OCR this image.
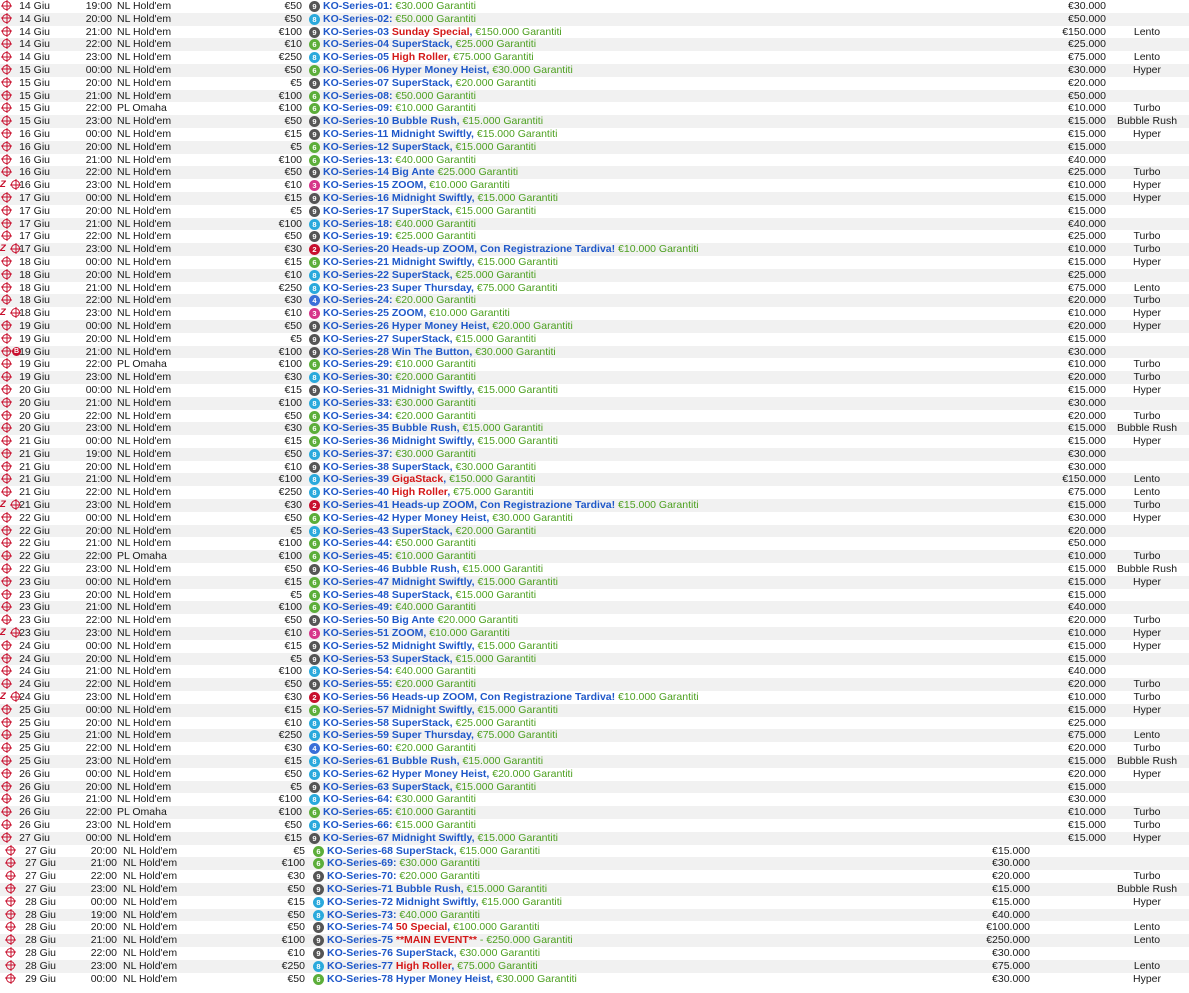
14 Giu	19:00 NL Hold'em	€50	9 KO-Series-01: €30.000 Garantiti	€30.000
14 Giu	20:00 NL Hold'em	€50	8 KO-Series-02: €50.000 Garantiti	€50.000
14 Giu	21:00 NL Hold'em	€100	9 KO-Series-03 Sunday Special, €150.000 Garantiti	€150.000	Lento
14 Giu	22:00 NL Hold'em	€10	6 KO-Series-04 SuperStack, €25.000 Garantiti	€25.000
14 Giu	23:00 NL Hold'em	€250	8 KO-Series-05 High Roller, €75.000 Garantiti	€75.000	Lento
15 Giu	00:00 NL Hold'em	€50	6 KO-Series-06 Hyper Money Heist, €30.000 Garantiti	€30.000	Hyper
15 Giu	20:00 NL Hold'em	€5	9 KO-Series-07 SuperStack, €20.000 Garantiti	€20.000
15 Giu	21:00 NL Hold'em	€100	6 KO-Series-08: €50.000 Garantiti	€50.000
15 Giu	22:00 PL Omaha	€100	6 KO-Series-09: €10.000 Garantiti	€10.000	Turbo
15 Giu	23:00 NL Hold'em	€50	9 KO-Series-10 Bubble Rush, €15.000 Garantiti	€15.000	Bubble Rush
16 Giu	00:00 NL Hold'em	€15	9 KO-Series-11 Midnight Swiftly, €15.000 Garantiti	€15.000	Hyper
16 Giu	20:00 NL Hold'em	€5	6 KO-Series-12 SuperStack, €15.000 Garantiti	€15.000
16 Giu	21:00 NL Hold'em	€100	6 KO-Series-13: €40.000 Garantiti	€40.000
16 Giu	22:00 NL Hold'em	€50	9 KO-Series-14 Big Ante €25.000 Garantiti	€25.000	Turbo
Z	16 Giu	23:00 NL Hold'em	€10	3 KO-Series-15 ZOOM, €10.000 Garantiti	€10.000	Hyper
17 Giu	00:00 NL Hold'em	€15	9 KO-Series-16 Midnight Swiftly, €15.000 Garantiti	€15.000	Hyper
17 Giu	20:00 NL Hold'em	€5	9 KO-Series-17 SuperStack, €15.000 Garantiti	€15.000
17 Giu	21:00 NL Hold'em	€100	8 KO-Series-18: €40.000 Garantiti	€40.000
17 Giu	22:00 NL Hold'em	€50	9 KO-Series-19: €25.000 Garantiti	€25.000	Turbo
Z	17 Giu	23:00 NL Hold'em	€30	2 KO-Series-20 Heads-up ZOOM, Con Registrazione Tardiva! €10.000 Garantiti	€10.000	Turbo
18 Giu	00:00 NL Hold'em	€15	6 KO-Series-21 Midnight Swiftly, €15.000 Garantiti	€15.000	Hyper
18 Giu	20:00 NL Hold'em	€10	8 KO-Series-22 SuperStack, €25.000 Garantiti	€25.000
18 Giu	21:00 NL Hold'em	€250	8 KO-Series-23 Super Thursday, €75.000 Garantiti	€75.000	Lento
18 Giu	22:00 NL Hold'em	€30	4 KO-Series-24: €20.000 Garantiti	€20.000	Turbo
Z	18 Giu	23:00 NL Hold'em	€10	3 KO-Series-25 ZOOM, €10.000 Garantiti	€10.000	Hyper
19 Giu	00:00 NL Hold'em	€50	9 KO-Series-26 Hyper Money Heist, €20.000 Garantiti	€20.000	Hyper
19 Giu	20:00 NL Hold'em	€5	9 KO-Series-27 SuperStack, €15.000 Garantiti	€15.000
B 19 Giu	21:00 NL Hold'em	€100	9 KO-Series-28 Win The Button, €30.000 Garantiti	€30.000
19 Giu	22:00 PL Omaha	€100	6 KO-Series-29: €10.000 Garantiti	€10.000	Turbo
19 Giu	23:00 NL Hold'em	€30	8 KO-Series-30: €20.000 Garantiti	€20.000	Turbo
20 Giu	00:00 NL Hold'em	€15	9 KO-Series-31 Midnight Swiftly, €15.000 Garantiti	€15.000	Hyper
20 Giu	21:00 NL Hold'em	€100	8 KO-Series-33: €30.000 Garantiti	€30.000
20 Giu	22:00 NL Hold'em	€50	6 KO-Series-34: €20.000 Garantiti	€20.000	Turbo
20 Giu	23:00 NL Hold'em	€30	6 KO-Series-35 Bubble Rush, €15.000 Garantiti	€15.000	Bubble Rush
21 Giu	00:00 NL Hold'em	€15	6 KO-Series-36 Midnight Swiftly, €15.000 Garantiti	€15.000	Hyper
21 Giu	19:00 NL Hold'em	€50	8 KO-Series-37: €30.000 Garantiti	€30.000
21 Giu	20:00 NL Hold'em	€10	9 KO-Series-38 SuperStack, €30.000 Garantiti	€30.000
21 Giu	21:00 NL Hold'em	€100	8 KO-Series-39 GigaStack, €150.000 Garantiti	€150.000	Lento
21 Giu	22:00 NL Hold'em	€250	8 KO-Series-40 High Roller, €75.000 Garantiti	€75.000	Lento
Z	21 Giu	23:00 NL Hold'em	€30	2 KO-Series-41 Heads-up ZOOM, Con Registrazione Tardiva! €15.000 Garantiti	€15.000	Turbo
22 Giu	00:00 NL Hold'em	€50	6 KO-Series-42 Hyper Money Heist, €30.000 Garantiti	€30.000	Hyper
22 Giu	20:00 NL Hold'em	€5	8 KO-Series-43 SuperStack, €20.000 Garantiti	€20.000
22 Giu	21:00 NL Hold'em	€100	6 KO-Series-44: €50.000 Garantiti	€50.000
22 Giu	22:00 PL Omaha	€100	6 KO-Series-45: €10.000 Garantiti	€10.000	Turbo
22 Giu	23:00 NL Hold'em	€50	9 KO-Series-46 Bubble Rush, €15.000 Garantiti	€15.000	Bubble Rush
23 Giu	00:00 NL Hold'em	€15	6 KO-Series-47 Midnight Swiftly, €15.000 Garantiti	€15.000	Hyper
23 Giu	20:00 NL Hold'em	€5	6 KO-Series-48 SuperStack, €15.000 Garantiti	€15.000
23 Giu	21:00 NL Hold'em	€100	6 KO-Series-49: €40.000 Garantiti	€40.000
23 Giu	22:00 NL Hold'em	€50	9 KO-Series-50 Big Ante €20.000 Garantiti	€20.000	Turbo
Z	23 Giu	23:00 NL Hold'em	€10	3 KO-Series-51 ZOOM, €10.000 Garantiti	€10.000	Hyper
24 Giu	00:00 NL Hold'em	€15	9 KO-Series-52 Midnight Swiftly, €15.000 Garantiti	€15.000	Hyper
24 Giu	20:00 NL Hold'em	€5	9 KO-Series-53 SuperStack, €15.000 Garantiti	€15.000
24 Giu	21:00 NL Hold'em	€100	8 KO-Series-54: €40.000 Garantiti	€40.000
24 Giu	22:00 NL Hold'em	€50	9 KO-Series-55: €20.000 Garantiti	€20.000	Turbo
Z	24 Giu	23:00 NL Hold'em	€30	2 KO-Series-56 Heads-up ZOOM, Con Registrazione Tardiva! €10.000 Garantiti	€10.000	Turbo
25 Giu	00:00 NL Hold'em	€15	6 KO-Series-57 Midnight Swiftly, €15.000 Garantiti	€15.000	Hyper
25 Giu	20:00 NL Hold'em	€10	8 KO-Series-58 SuperStack, €25.000 Garantiti	€25.000
25 Giu	21:00 NL Hold'em	€250	8 KO-Series-59 Super Thursday, €75.000 Garantiti	€75.000	Lento
25 Giu	22:00 NL Hold'em	€30	4 KO-Series-60: €20.000 Garantiti	€20.000	Turbo
25 Giu	23:00 NL Hold'em	€15	8 KO-Series-61 Bubble Rush, €15.000 Garantiti	€15.000	Bubble Rush
26 Giu	00:00 NL Hold'em	€50	8 KO-Series-62 Hyper Money Heist, €20.000 Garantiti	€20.000	Hyper
26 Giu	20:00 NL Hold'em	€5	9 KO-Series-63 SuperStack, €15.000 Garantiti	€15.000
26 Giu	21:00 NL Hold'em	€100	8 KO-Series-64: €30.000 Garantiti	€30.000
26 Giu	22:00 PL Omaha	€100	6 KO-Series-65: €10.000 Garantiti	€10.000	Turbo
26 Giu	23:00 NL Hold'em	€50	8 KO-Series-66: €15.000 Garantiti	€15.000	Turbo
27 Giu	00:00 NL Hold'em	€15	9 KO-Series-67 Midnight Swiftly, €15.000 Garantiti	€15.000	Hyper
27 Giu	20:00 NL Hold'em	€5	6 KO-Series-68 SuperStack, €15.000 Garantiti	€15.000
27 Giu	21:00 NL Hold'em	€100	6 KO-Series-69: €30.000 Garantiti	€30.000
27 Giu	22:00 NL Hold'em	€30	9 KO-Series-70: €20.000 Garantiti	€20.000	Turbo
27 Giu	23:00 NL Hold'em	€50	9 KO-Series-71 Bubble Rush, €15.000 Garantiti	€15.000	Bubble Rush
28 Giu	00:00 NL Hold'em	€15	8 KO-Series-72 Midnight Swiftly, €15.000 Garantiti	€15.000	Hyper
28 Giu	19:00 NL Hold'em	€50	8 KO-Series-73: €40.000 Garantiti	€40.000
28 Giu	20:00 NL Hold'em	€50	9 KO-Series-74 50 Special, €100.000 Garantiti	€100.000	Lento
28 Giu	21:00 NL Hold'em	€100	9 KO-Series-75 **MAIN EVENT** - €250.000 Garantiti	€250.000	Lento
28 Giu	22:00 NL Hold'em	€10	9 KO-Series-76 SuperStack, €30.000 Garantiti	€30.000
28 Giu	23:00 NL Hold'em	€250	8 KO-Series-77 High Roller, €75.000 Garantiti	€75.000	Lento
29 Giu	00:00 NL Hold'em	€50	6 KO-Series-78 Hyper Money Heist, €30.000 Garantiti	€30.000	Hyper
